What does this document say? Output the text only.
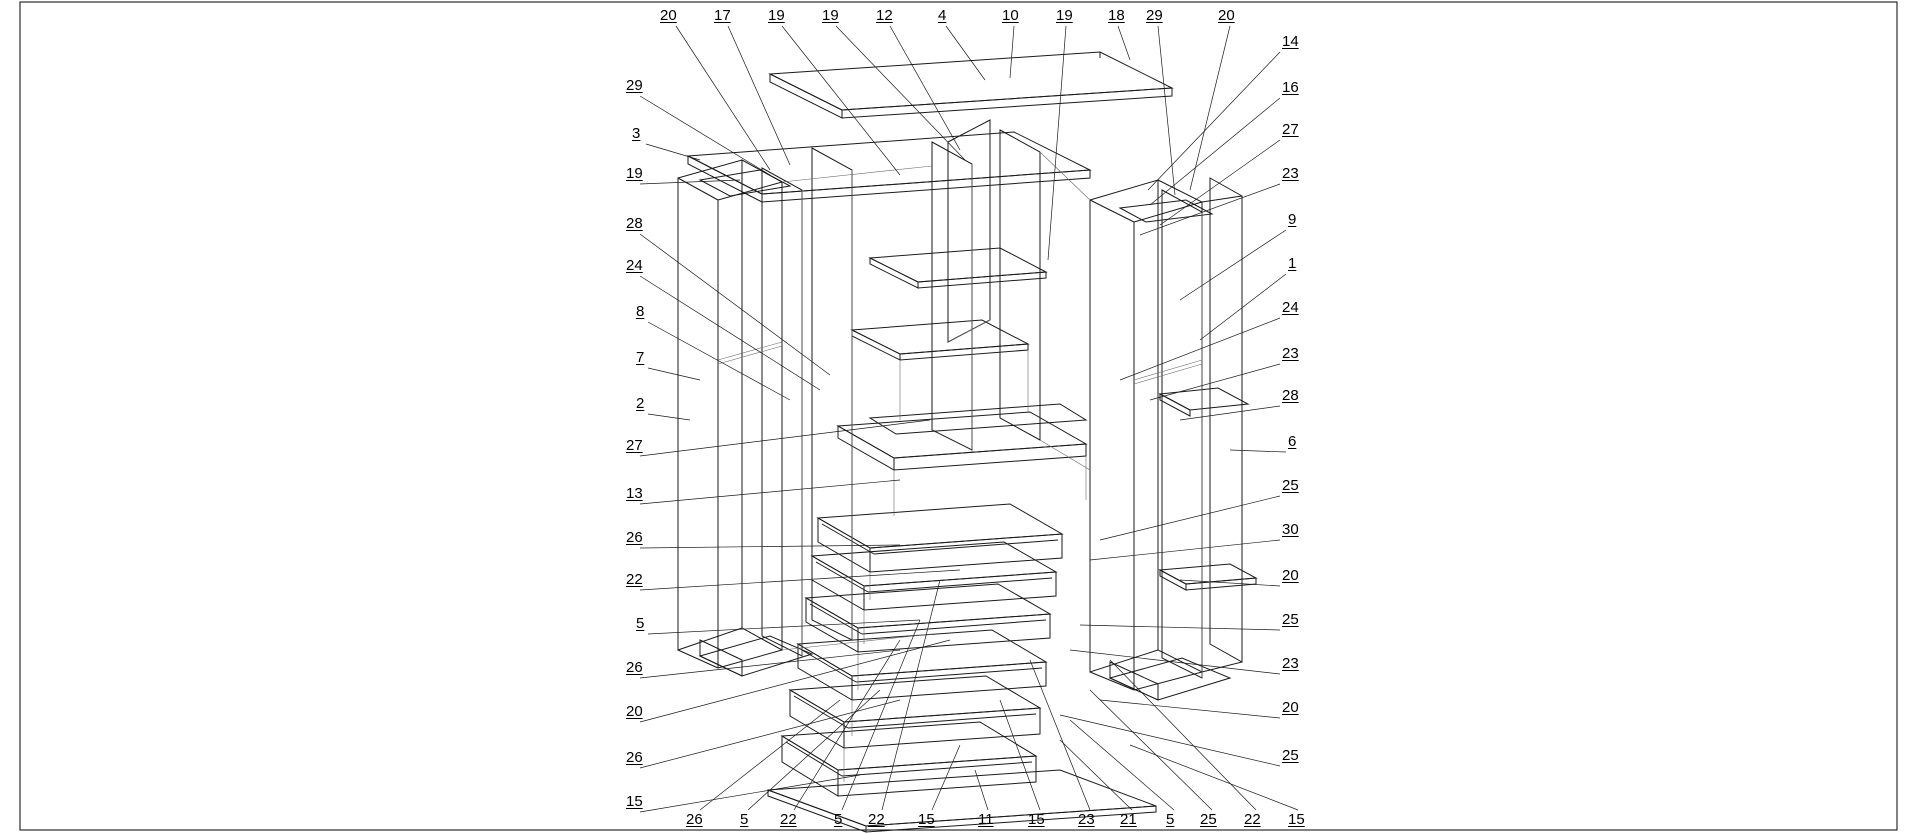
20 17 19 19 12	4	10 19 18 29	20
29
3
19
28
24
8
7
2
27
13
26
22
5
26
20
26
15
14
16
27
23
9
1
24
23
28
6
25
30
20
25
23
20
25
26 5 22 5 22 15	11 15 23 21 5 25 22 15
